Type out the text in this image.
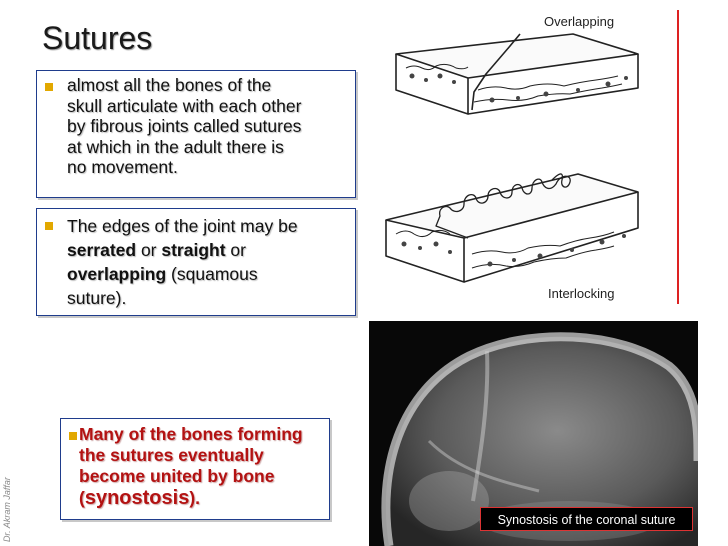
Sutures
almost all the bones of the
skull articulate with each other
by fibrous joints called sutures
at which in the adult there is
no movement.
The edges of the joint may be
serrated or straight or
overlapping (squamous
suture).
Many of the bones forming
the sutures eventually
become united by bone
(synostosis).
Dr. Akram Jaffar
Overlapping
Interlocking
Synostosis of the coronal suture
